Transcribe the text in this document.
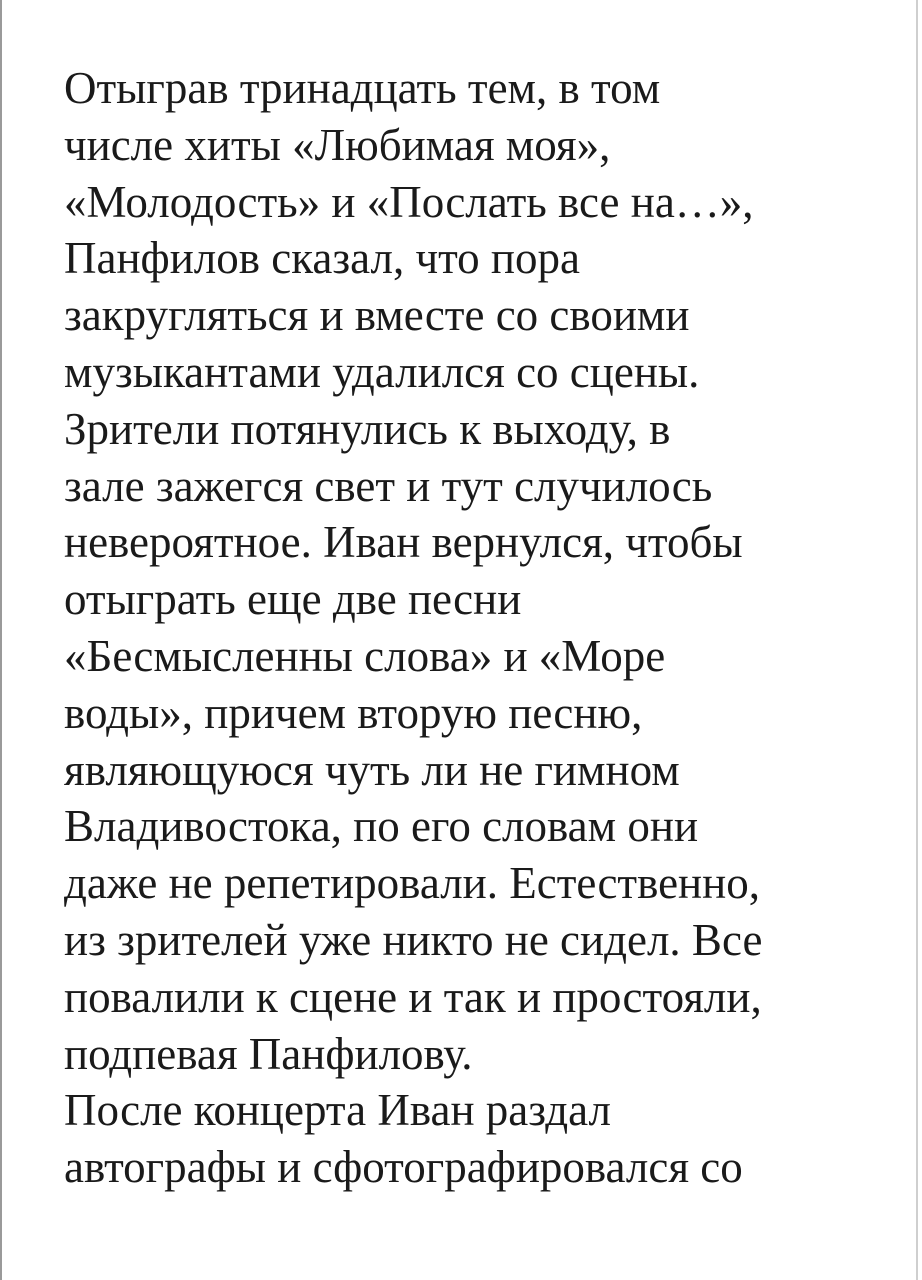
Отыграв тринадцать тем, в том
числе хиты «Любимая моя»,
«Молодость» и «Послать все на…»,
Панфилов сказал, что пора
закругляться и вместе со своими
музыкантами удалился со сцены.
Зрители потянулись к выходу, в
зале зажегся свет и тут случилось
невероятное. Иван вернулся, чтобы
отыграть еще две песни
«Бесмысленны слова» и «Море
воды», причем вторую песню,
являющуюся чуть ли не гимном
Владивостока, по его словам они
даже не репетировали. Естественно,
из зрителей уже никто не сидел. Все
повалили к сцене и так и простояли,
подпевая Панфилову.
После концерта Иван раздал
автографы и сфотографировался со
